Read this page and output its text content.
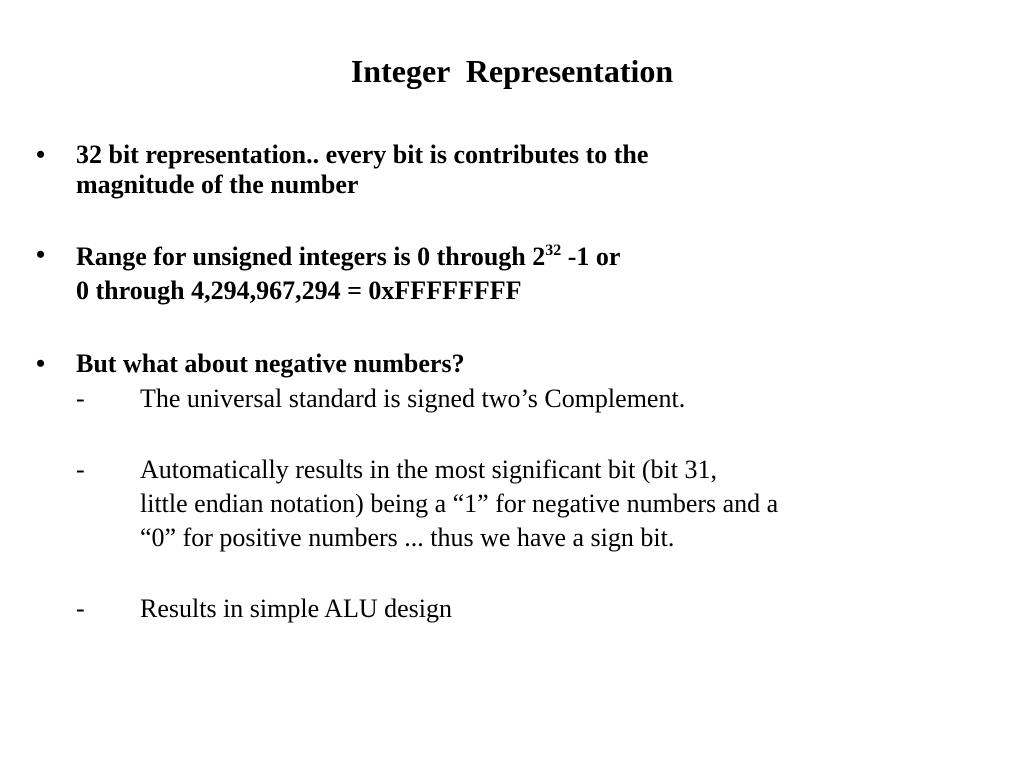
Integer  Representation
• 32 bit representation.. every bit is contributes to the
magnitude of the number
• Range for unsigned integers is 0 through $2^{32}$ -1 or
0 through 4,294,967,294 = 0xFFFFFFFF
• But what about negative numbers?
- The universal standard is signed two’s Complement.
- Automatically results in the most significant bit (bit 31,
little endian notation) being a “1” for negative numbers and a
“0” for positive numbers ... thus we have a sign bit.
- Results in simple ALU design
